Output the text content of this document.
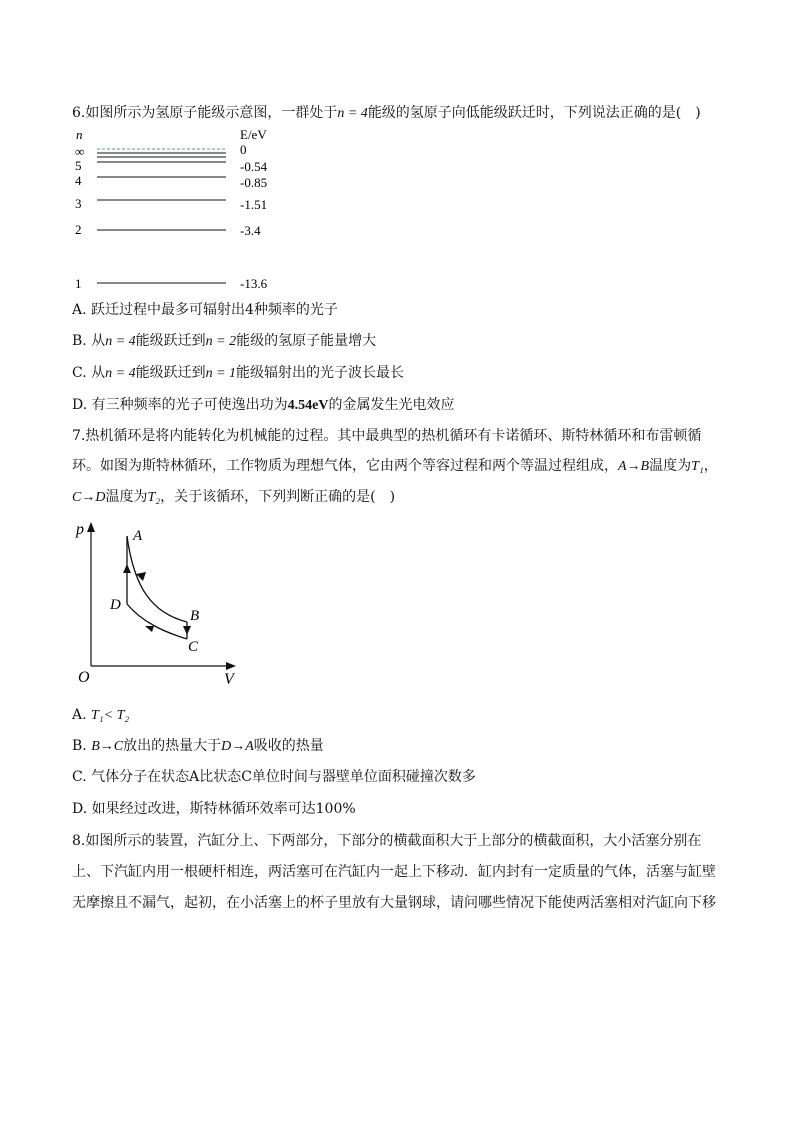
6.如图所示为氢原子能级示意图，一群处于n = 4能级的氢原子向低能级跃迁时，下列说法正确的是(　)
n	E/eV
∞
5
4
3
2
1
0
-0.54
-0.85
-1.51
-3.4
-13.6
A. 跃迁过程中最多可辐射出4种频率的光子
B. 从n = 4能级跃迁到n = 2能级的氢原子能量增大
C. 从n = 4能级跃迁到n = 1能级辐射出的光子波长最长
D. 有三种频率的光子可使逸出功为4.54eV的金属发生光电效应
7.热机循环是将内能转化为机械能的过程。其中最典型的热机循环有卡诺循环、斯特林循环和布雷顿循
环。如图为斯特林循环，工作物质为理想气体，它由两个等容过程和两个等温过程组成，A→B温度为T₁，
C→D温度为T₂，关于该循环，下列判断正确的是(　)
p
V
O
A
B
C
D
A. T₁< T₂
B. B→C放出的热量大于D→A吸收的热量
C. 气体分子在状态A比状态C单位时间与器壁单位面积碰撞次数多
D. 如果经过改进，斯特林循环效率可达100%
8.如图所示的装置，汽缸分上、下两部分，下部分的横截面积大于上部分的横截面积，大小活塞分别在
上、下汽缸内用一根硬杆相连，两活塞可在汽缸内一起上下移动．缸内封有一定质量的气体，活塞与缸壁
无摩擦且不漏气，起初，在小活塞上的杯子里放有大量钢球，请问哪些情况下能使两活塞相对汽缸向下移
